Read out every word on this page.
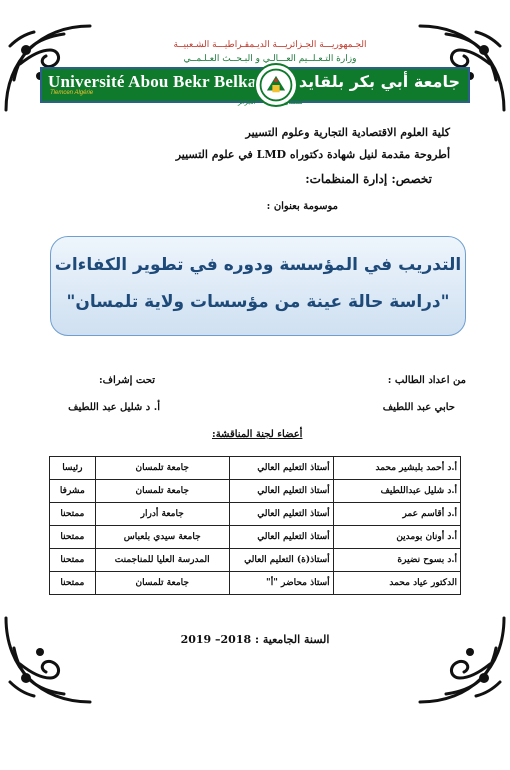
الجـمهوريـــة الجـزائريـــة الديـمقـراطيـــة الشـعبيــة
وزارة التـعـلــيم العـــالـي و البـحــث العـلـمــي
Université Abou Bekr Belkaid
Tlemcen Algérie
جامعة أبي بكر بلقايد
تلمسان
الجزائر
كلية العلوم الاقتصادية التجارية وعلوم التسيير
أطروحة مقدمة لنيل شهادة دكتوراه LMD في علوم التسيير
تخصص: إدارة المنظمات:
موسومة بعنوان :
التدريب في المؤسسة ودوره في تطوير الكفاءات
"دراسة حالة عينة من مؤسسات ولاية تلمسان"
من اعداد الطالب :
حابي عبد اللطيف
تحت إشراف:
أ. د شليل عبد اللطيف
أعضاء لجنة المناقشة:
أ.د أحمد بلبشير محمد	أستاذ التعليم العالي	جامعة تلمسان	رئيسا
أ.د شليل عبداللطيف	أستاذ التعليم العالي	جامعة تلمسان	مشرفا
أ.د أقاسم عمر	أستاذ التعليم العالي	جامعة أدرار	ممتحنا
أ.د أونان بومدين	أستاذ التعليم العالي	جامعة سيدي بلعباس	ممتحنا
أ.د بسوح نضيرة	أستاذ(ة) التعليم العالي	المدرسة العليا للمناجمنت	ممتحنا
الدكتور عياد محمد	أستاذ محاضر "أ"	جامعة تلمسان	ممتحنا
السنة الجامعية : 2018– 2019
